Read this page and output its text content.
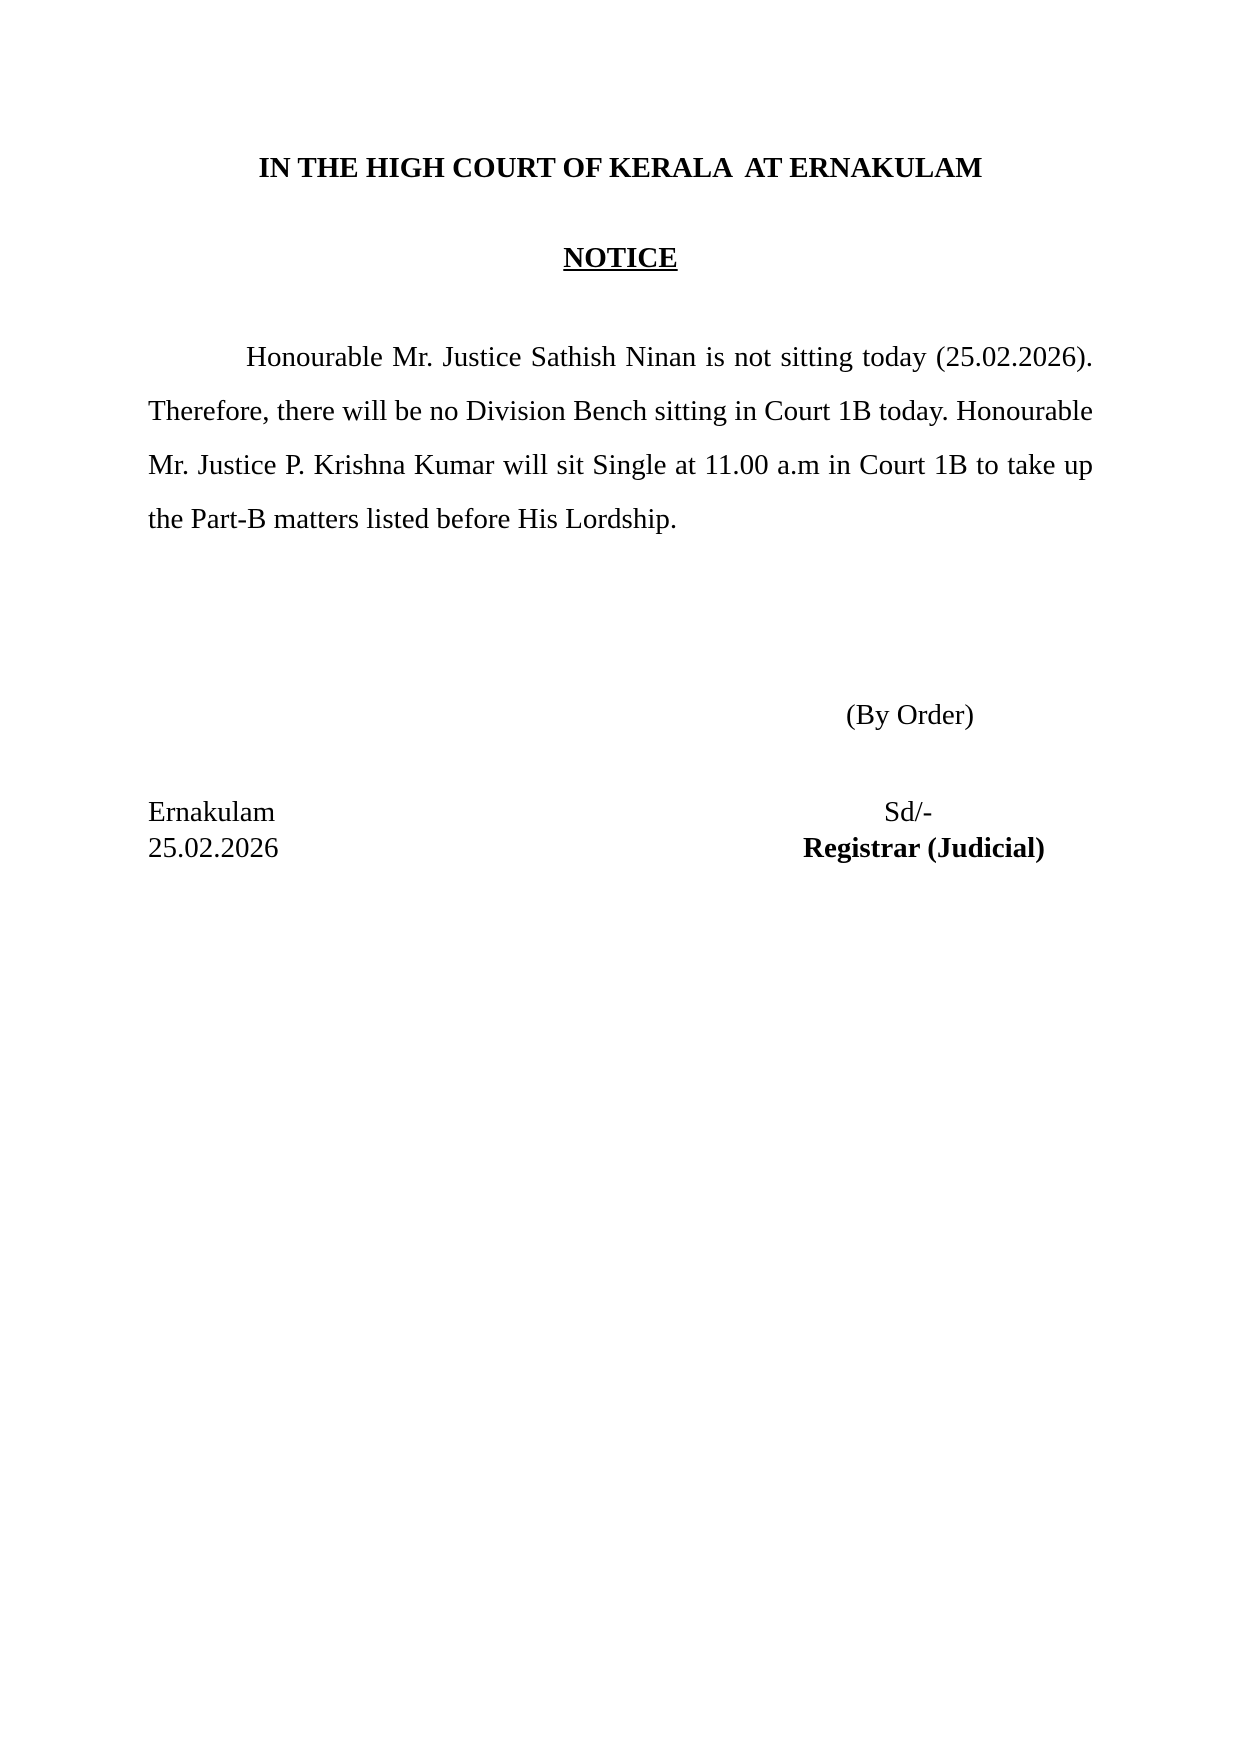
IN THE HIGH COURT OF KERALA  AT ERNAKULAM
NOTICE

Honourable Mr. Justice Sathish Ninan is not sitting today (25.02.2026). Therefore, there will be no Division Bench sitting in Court 1B today. Honourable Mr. Justice P. Krishna Kumar will sit Single at 11.00 a.m in Court 1B to take up the Part-B matters listed before His Lordship.

(By Order)
Ernakulam
25.02.2026
Sd/-
Registrar (Judicial)
